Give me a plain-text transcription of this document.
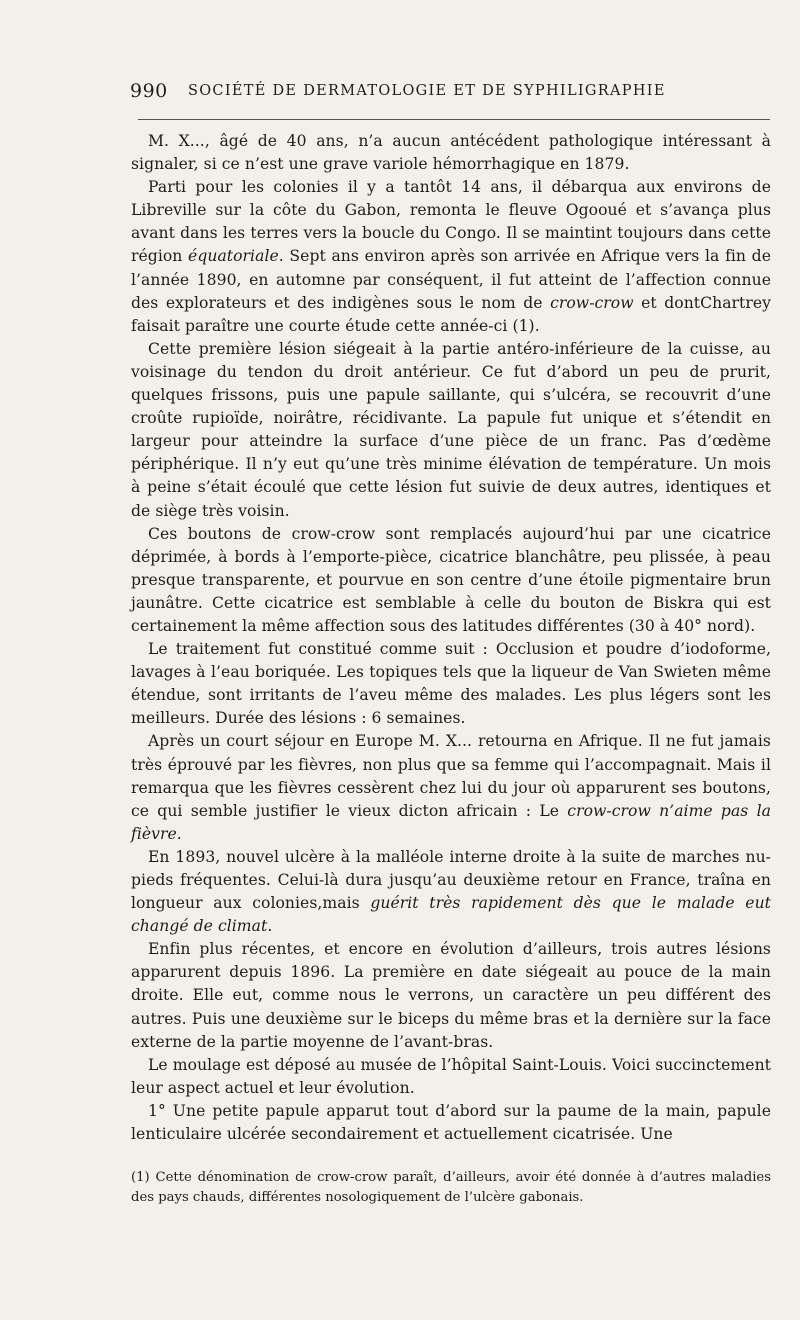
990 SOCIÉTÉ DE DERMATOLOGIE ET DE SYPHILIGRAPHIE

M. X..., âgé de 40 ans, n’a aucun antécédent pathologique intéressant à signaler, si ce n’est une grave variole hémorrhagique en 1879.

Parti pour les colonies il y a tantôt 14 ans, il débarqua aux environs de Libreville sur la côte du Gabon, remonta le fleuve Ogooué et s’avança plus avant dans les terres vers la boucle du Congo. Il se maintint toujours dans cette région équatoriale. Sept ans environ après son arrivée en Afrique vers la fin de l’année 1890, en automne par conséquent, il fut atteint de l’affection connue des explorateurs et des indigènes sous le nom de crow-crow et dontChartrey faisait paraître une courte étude cette année-ci (1).

Cette première lésion siégeait à la partie antéro-inférieure de la cuisse, au voisinage du tendon du droit antérieur. Ce fut d’abord un peu de prurit, quelques frissons, puis une papule saillante, qui s’ulcéra, se recouvrit d’une croûte rupioïde, noirâtre, récidivante. La papule fut unique et s’étendit en largeur pour atteindre la surface d’une pièce de un franc. Pas d’œdème périphérique. Il n’y eut qu’une très minime élévation de température. Un mois à peine s’était écoulé que cette lésion fut suivie de deux autres, identiques et de siège très voisin.

Ces boutons de crow-crow sont remplacés aujourd’hui par une cicatrice déprimée, à bords à l’emporte-pièce, cicatrice blanchâtre, peu plissée, à peau presque transparente, et pourvue en son centre d’une étoile pigmentaire brun jaunâtre. Cette cicatrice est semblable à celle du bouton de Biskra qui est certainement la même affection sous des latitudes différentes (30 à 40° nord).

Le traitement fut constitué comme suit : Occlusion et poudre d’iodoforme, lavages à l’eau boriquée. Les topiques tels que la liqueur de Van Swieten même étendue, sont irritants de l’aveu même des malades. Les plus légers sont les meilleurs. Durée des lésions : 6 semaines.

Après un court séjour en Europe M. X... retourna en Afrique. Il ne fut jamais très éprouvé par les fièvres, non plus que sa femme qui l’accompagnait. Mais il remarqua que les fièvres cessèrent chez lui du jour où apparurent ses boutons, ce qui semble justifier le vieux dicton africain : Le crow-crow n’aime pas la fièvre.

En 1893, nouvel ulcère à la malléole interne droite à la suite de marches nu-pieds fréquentes. Celui-là dura jusqu’au deuxième retour en France, traîna en longueur aux colonies,mais guérit très rapidement dès que le malade eut changé de climat.

Enfin plus récentes, et encore en évolution d’ailleurs, trois autres lésions apparurent depuis 1896. La première en date siégeait au pouce de la main droite. Elle eut, comme nous le verrons, un caractère un peu différent des autres. Puis une deuxième sur le biceps du même bras et la dernière sur la face externe de la partie moyenne de l’avant-bras.

Le moulage est déposé au musée de l’hôpital Saint-Louis. Voici succinctement leur aspect actuel et leur évolution.

1° Une petite papule apparut tout d’abord sur la paume de la main, papule lenticulaire ulcérée secondairement et actuellement cicatrisée. Une

(1) Cette dénomination de crow-crow paraît, d’ailleurs, avoir été donnée à d’autres maladies des pays chauds, différentes nosologiquement de l’ulcère gabonais.
